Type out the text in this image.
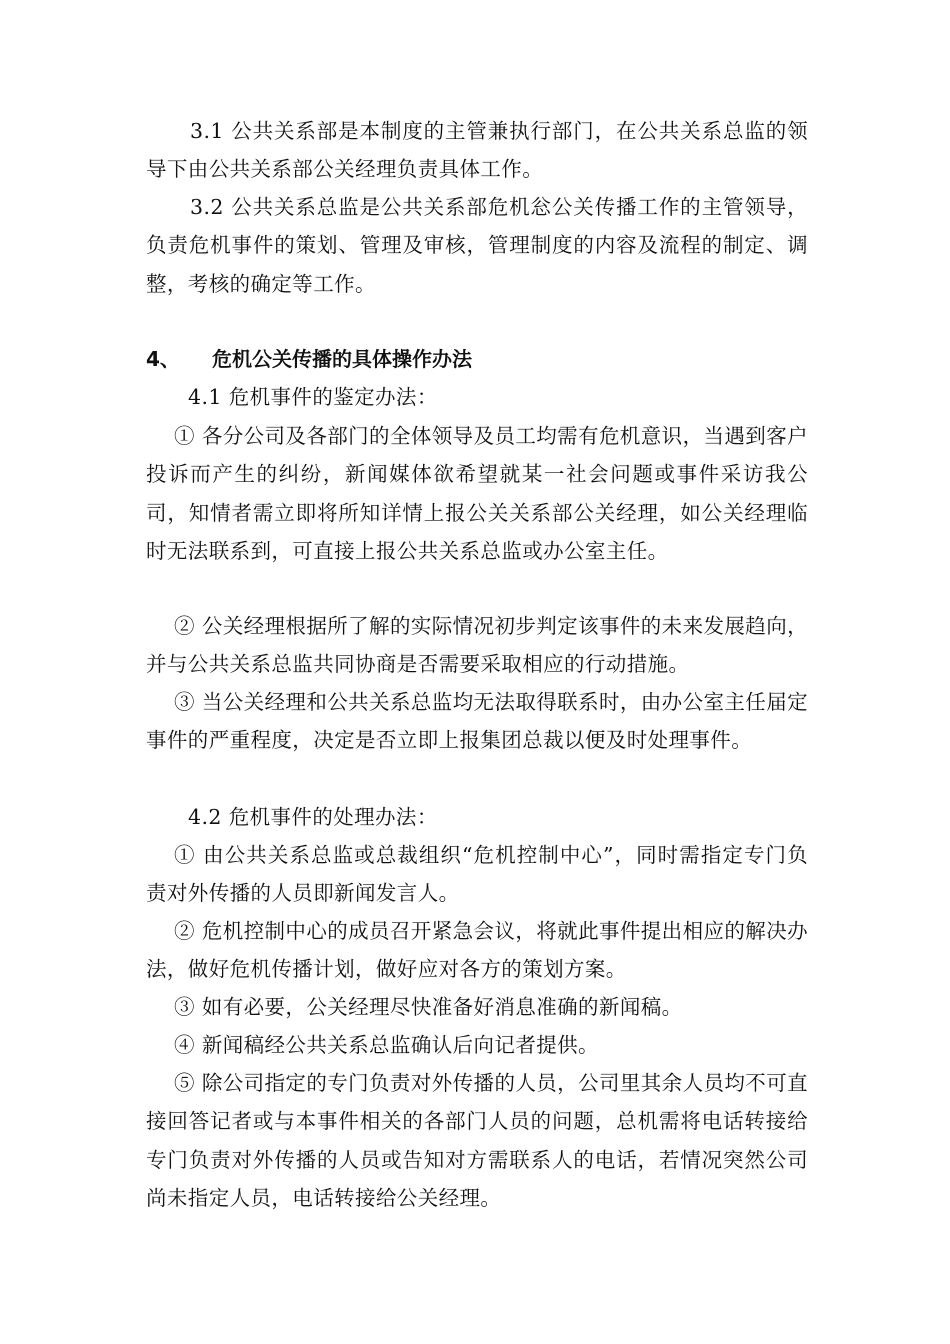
3.1 公共关系部是本制度的主管兼执行部门，在公共关系总监的领导下由公共关系部公关经理负责具体工作。

3.2 公共关系总监是公共关系部危机忩公关传播工作的主管领导，负责危机事件的策划、管理及审核，管理制度的内容及流程的制定、调整，考核的确定等工作。

4、 危机公关传播的具体操作办法

4.1 危机事件的鉴定办法：

① 各分公司及各部门的全体领导及员工均需有危机意识，当遇到客户投诉而产生的纠纷，新闻媒体欲希望就某一社会问题或事件采访我公司，知情者需立即将所知详情上报公关关系部公关经理，如公关经理临时无法联系到，可直接上报公共关系总监或办公室主任。

② 公关经理根据所了解的实际情况初步判定该事件的未来发展趋向，并与公共关系总监共同协商是否需要采取相应的行动措施。

③ 当公关经理和公共关系总监均无法取得联系时，由办公室主任届定事件的严重程度，决定是否立即上报集团总裁以便及时处理事件。

4.2 危机事件的处理办法：

① 由公共关系总监或总裁组织“危机控制中心”，同时需指定专门负责对外传播的人员即新闻发言人。

② 危机控制中心的成员召开紧急会议，将就此事件提出相应的解决办法，做好危机传播计划，做好应对各方的策划方案。

③ 如有必要，公关经理尽快准备好消息准确的新闻稿。

④ 新闻稿经公共关系总监确认后向记者提供。

⑤ 除公司指定的专门负责对外传播的人员，公司里其余人员均不可直接回答记者或与本事件相关的各部门人员的问题，总机需将电话转接给专门负责对外传播的人员或告知对方需联系人的电话，若情况突然公司尚未指定人员，电话转接给公关经理。
